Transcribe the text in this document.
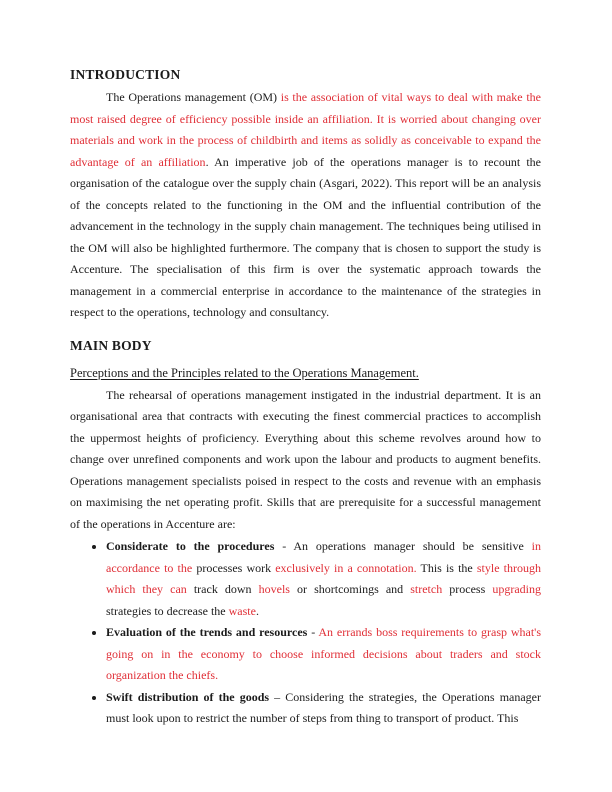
INTRODUCTION

The Operations management (OM) is the association of vital ways to deal with make the most raised degree of efficiency possible inside an affiliation. It is worried about changing over materials and work in the process of childbirth and items as solidly as conceivable to expand the advantage of an affiliation. An imperative job of the operations manager is to recount the organisation of the catalogue over the supply chain (Asgari, 2022). This report will be an analysis of the concepts related to the functioning in the OM and the influential contribution of the advancement in the technology in the supply chain management. The techniques being utilised in the OM will also be highlighted furthermore. The company that is chosen to support the study is Accenture. The specialisation of this firm is over the systematic approach towards the management in a commercial enterprise in accordance to the maintenance of the strategies in respect to the operations, technology and consultancy.

MAIN BODY
Perceptions and the Principles related to the Operations Management.

The rehearsal of operations management instigated in the industrial department. It is an organisational area that contracts with executing the finest commercial practices to accomplish the uppermost heights of proficiency. Everything about this scheme revolves around how to change over unrefined components and work upon the labour and products to augment benefits. Operations management specialists poised in respect to the costs and revenue with an emphasis on maximising the net operating profit. Skills that are prerequisite for a successful management of the operations in Accenture are:

• Considerate to the procedures - An operations manager should be sensitive in accordance to the processes work exclusively in a connotation. This is the style through which they can track down hovels or shortcomings and stretch process upgrading strategies to decrease the waste.
• Evaluation of the trends and resources - An errands boss requirements to grasp what's going on in the economy to choose informed decisions about traders and stock organization the chiefs.
• Swift distribution of the goods – Considering the strategies, the Operations manager must look upon to restrict the number of steps from thing to transport of product. This
